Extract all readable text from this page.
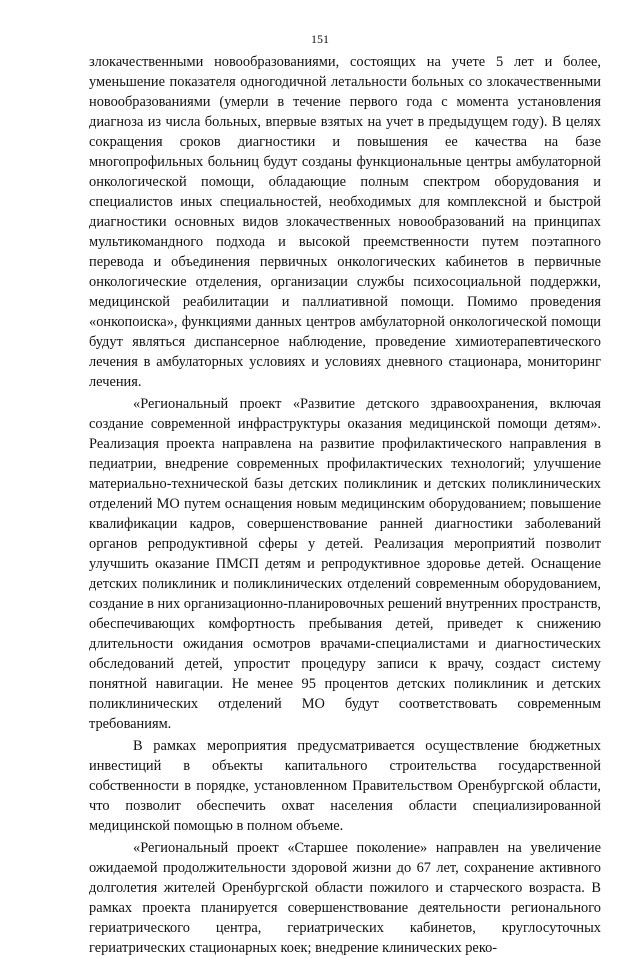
151

злокачественными новообразованиями, состоящих на учете 5 лет и более, уменьшение показателя одногодичной летальности больных со злокачественными новообразованиями (умерли в течение первого года с момента установления диагноза из числа больных, впервые взятых на учет в предыдущем году). В целях сокращения сроков диагностики и повышения ее качества на базе многопрофильных больниц будут созданы функциональные центры амбулаторной онкологической помощи, обладающие полным спектром оборудования и специалистов иных специальностей, необходимых для комплексной и быстрой диагностики основных видов злокачественных новообразований на принципах мультикомандного подхода и высокой преемственности путем поэтапного перевода и объединения первичных онкологических кабинетов в первичные онкологические отделения, организации службы психосоциальной поддержки, медицинской реабилитации и паллиативной помощи. Помимо проведения «онкопоиска», функциями данных центров амбулаторной онкологической помощи будут являться диспансерное наблюдение, проведение химиотерапевтического лечения в амбулаторных условиях и условиях дневного стационара, мониторинг лечения.

«Региональный проект «Развитие детского здравоохранения, включая создание современной инфраструктуры оказания медицинской помощи детям». Реализация проекта направлена на развитие профилактического направления в педиатрии, внедрение современных профилактических технологий; улучшение материально-технической базы детских поликлиник и детских поликлинических отделений МО путем оснащения новым медицинским оборудованием; повышение квалификации кадров, совершенствование ранней диагностики заболеваний органов репродуктивной сферы у детей. Реализация мероприятий позволит улучшить оказание ПМСП детям и репродуктивное здоровье детей. Оснащение детских поликлиник и поликлинических отделений современным оборудованием, создание в них организационно-планировочных решений внутренних пространств, обеспечивающих комфортность пребывания детей, приведет к снижению длительности ожидания осмотров врачами-специалистами и диагностических обследований детей, упростит процедуру записи к врачу, создаст систему понятной навигации. Не менее 95 процентов детских поликлиник и детских поликлинических отделений МО будут соответствовать современным требованиям.

В рамках мероприятия предусматривается осуществление бюджетных инвестиций в объекты капитального строительства государственной собственности в порядке, установленном Правительством Оренбургской области, что позволит обеспечить охват населения области специализированной медицинской помощью в полном объеме.

«Региональный проект «Старшее поколение» направлен на увеличение ожидаемой продолжительности здоровой жизни до 67 лет, сохранение активного долголетия жителей Оренбургской области пожилого и старческого возраста. В рамках проекта планируется совершенствование деятельности регионального гериатрического центра, гериатрических кабинетов, круглосуточных гериатрических стационарных коек; внедрение клинических реко-
